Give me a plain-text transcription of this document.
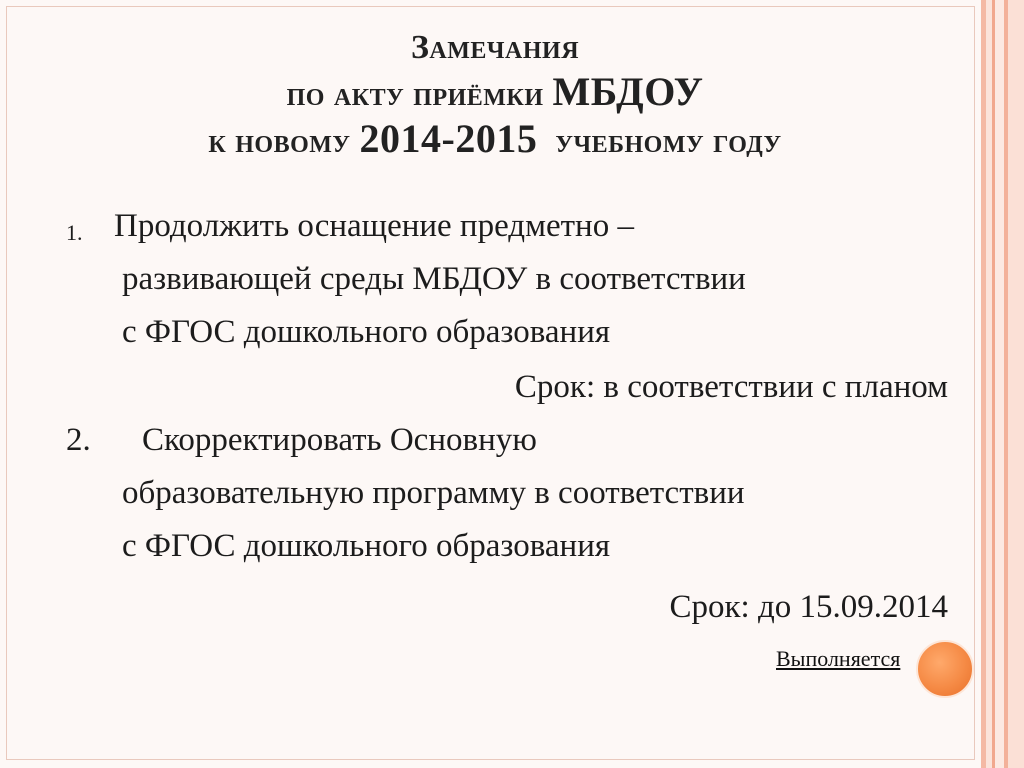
Замечания
по акту приёмки МБДОУ
к новому 2014-2015 учебному году
1. Продолжить оснащение предметно –
развивающей среды МБДОУ в соответствии
с ФГОС дошкольного образования
Срок: в соответствии с планом
2. Скорректировать Основную
образовательную программу в соответствии
с ФГОС дошкольного образования
Срок: до 15.09.2014
Выполняется
